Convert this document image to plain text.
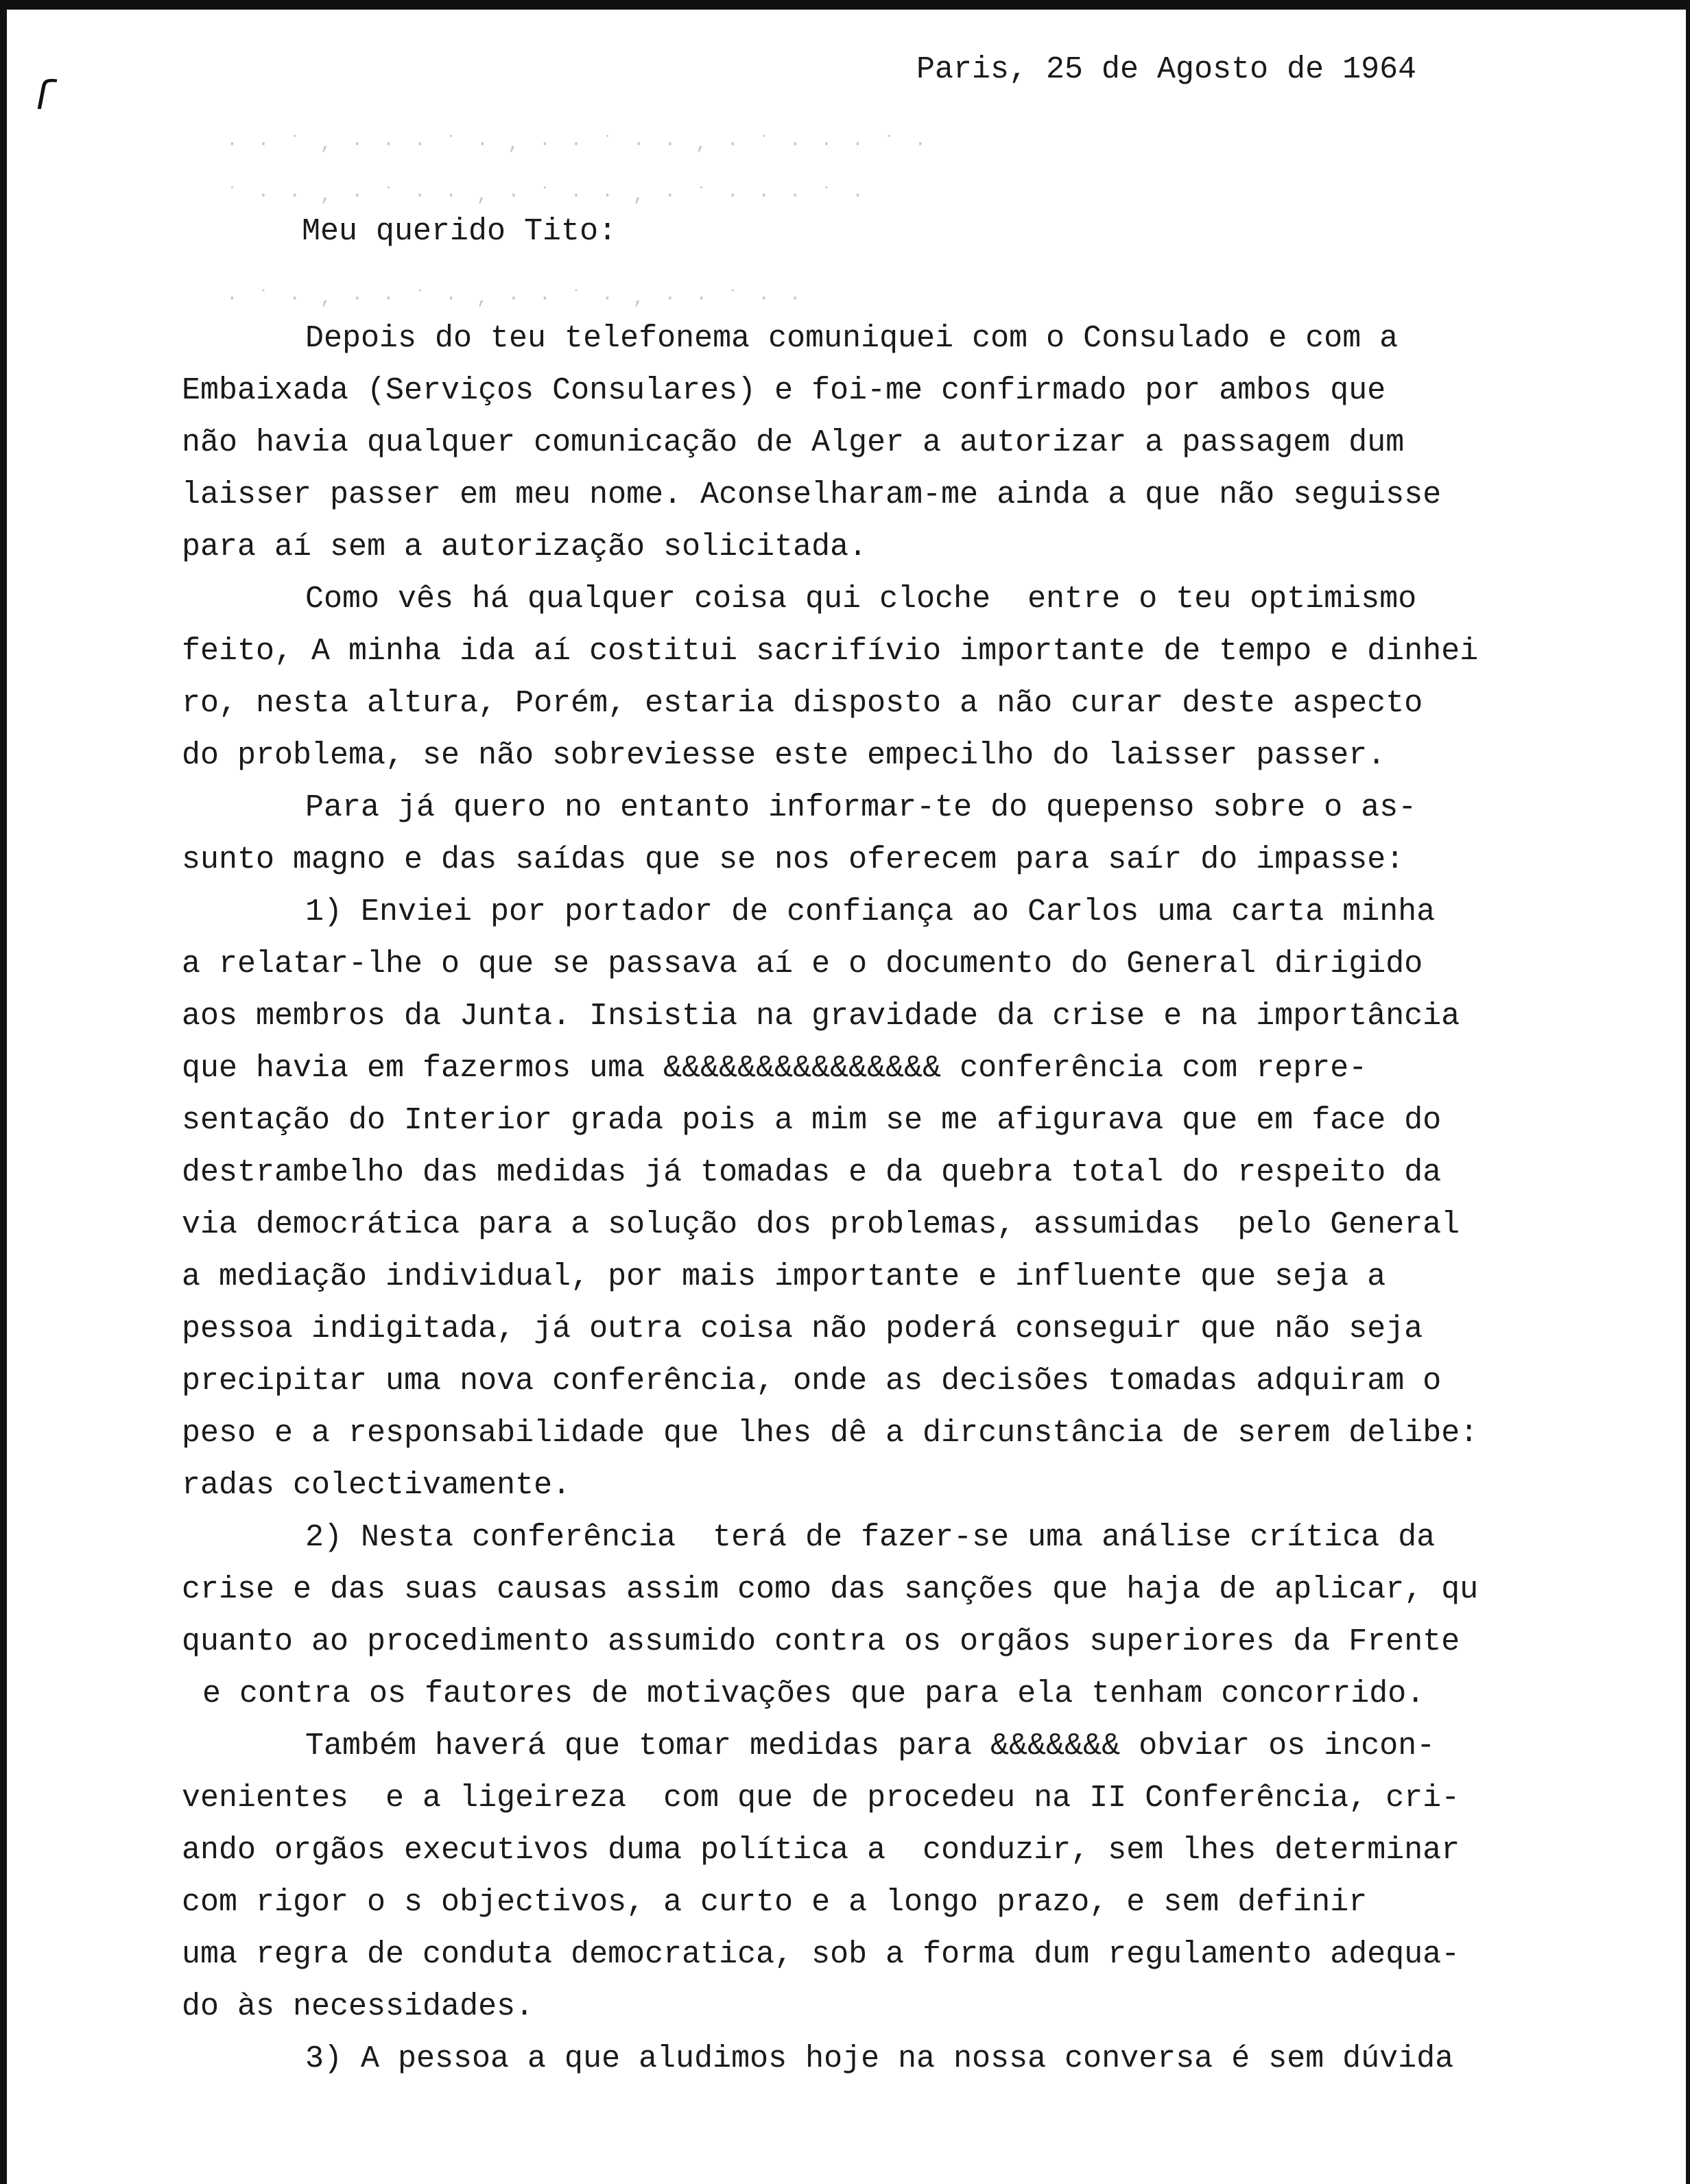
ſ
· · ˙ , · · · ˙ · , · · ˙ · · , · ˙ · · · ˙ ·
˙ · · , · ˙ · · , · ˙ · · , · ˙ · · · ˙ ·
· ˙ · , · · ˙ · , · · ˙ · , · · ˙ · ·
Paris, 25 de Agosto de 1964
Meu querido Tito:
Depois do teu telefonema comuniquei com o Consulado e com a
Embaixada (Serviços Consulares) e foi-me confirmado por ambos que
não havia qualquer comunicação de Alger a autorizar a passagem dum
laisser passer em meu nome. Aconselharam-me ainda a que não seguisse
para aí sem a autorização solicitada.
Como vês há qualquer coisa qui cloche  entre o teu optimismo
feito, A minha ida aí costitui sacrifívio importante de tempo e dinhei
ro, nesta altura, Porém, estaria disposto a não curar deste aspecto
do problema, se não sobreviesse este empecilho do laisser passer.
Para já quero no entanto informar-te do quepenso sobre o as-
sunto magno e das saídas que se nos oferecem para saír do impasse:
1) Enviei por portador de confiança ao Carlos uma carta minha
a relatar-lhe o que se passava aí e o documento do General dirigido
aos membros da Junta. Insistia na gravidade da crise e na importância
que havia em fazermos uma &&&&&&&&&&&&&&& conferência com repre-
sentação do Interior grada pois a mim se me afigurava que em face do
destrambelho das medidas já tomadas e da quebra total do respeito da
via democrática para a solução dos problemas, assumidas  pelo General
a mediação individual, por mais importante e influente que seja a
pessoa indigitada, já outra coisa não poderá conseguir que não seja
precipitar uma nova conferência, onde as decisões tomadas adquiram o
peso e a responsabilidade que lhes dê a dircunstância de serem delibe:
radas colectivamente.
2) Nesta conferência  terá de fazer-se uma análise crítica da
crise e das suas causas assim como das sanções que haja de aplicar, qu
quanto ao procedimento assumido contra os orgãos superiores da Frente
e contra os fautores de motivações que para ela tenham concorrido.
Também haverá que tomar medidas para &&&&&&& obviar os incon-
venientes  e a ligeireza  com que de procedeu na II Conferência, cri-
ando orgãos executivos duma política a  conduzir, sem lhes determinar
com rigor o s objectivos, a curto e a longo prazo, e sem definir
uma regra de conduta democratica, sob a forma dum regulamento adequa-
do às necessidades.
3) A pessoa a que aludimos hoje na nossa conversa é sem dúvida
